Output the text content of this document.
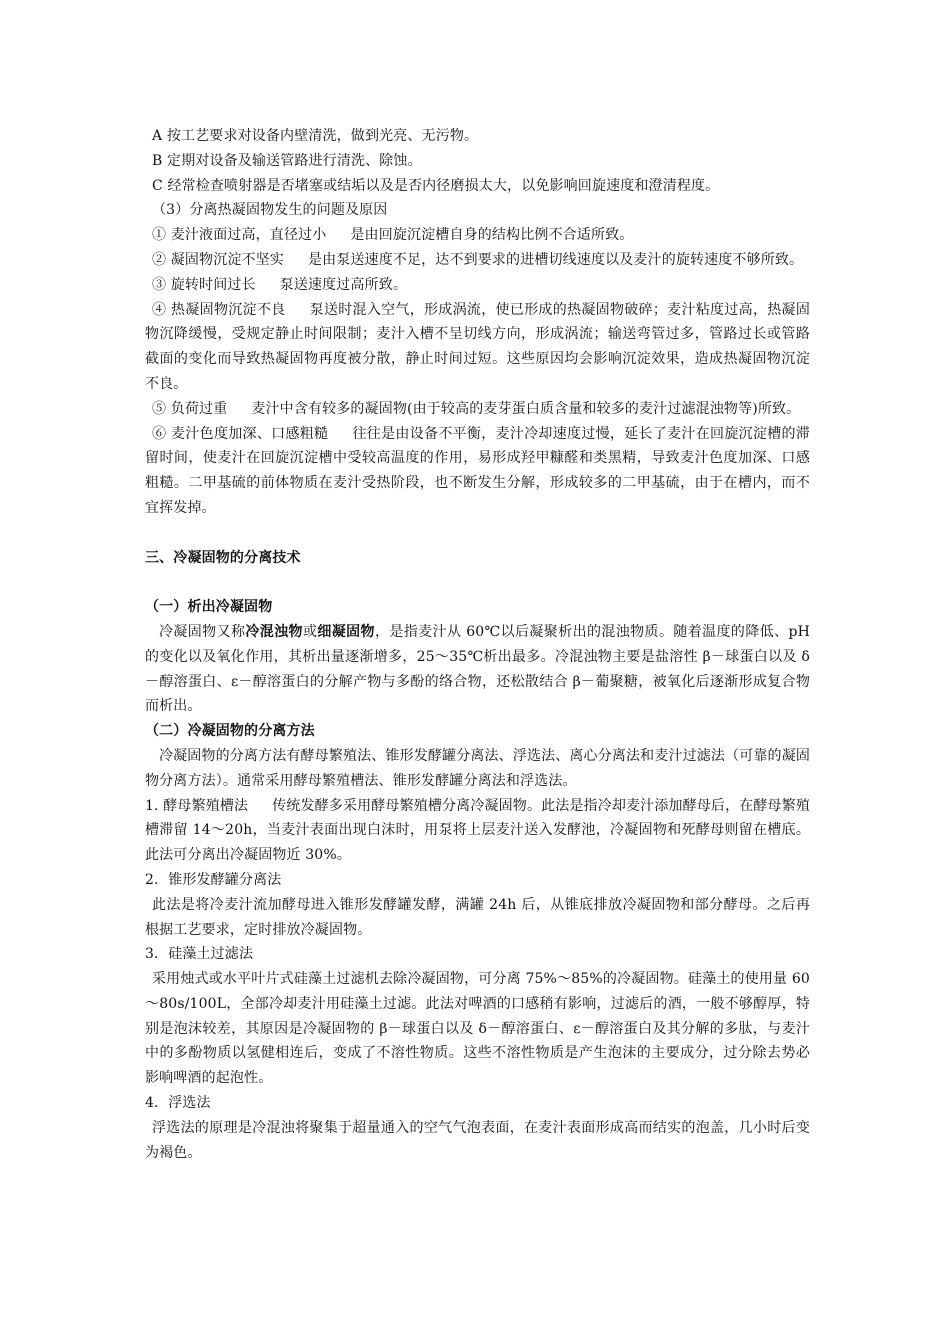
A 按工艺要求对设备内壁清洗，做到光亮、无污物。

B 定期对设备及输送管路进行清洗、除蚀。

C 经常检查喷射器是否堵塞或结垢以及是否内径磨损太大，以免影响回旋速度和澄清程度。

（3）分离热凝固物发生的问题及原因

① 麦汁液面过高，直径过小 是由回旋沉淀槽自身的结构比例不合适所致。

② 凝固物沉淀不坚实 是由泵送速度不足，达不到要求的进槽切线速度以及麦汁的旋转速度不够所致。

③ 旋转时间过长 泵送速度过高所致。

④ 热凝固物沉淀不良 泵送时混入空气，形成涡流，使已形成的热凝固物破碎；麦汁粘度过高，热凝固物沉降缓慢，受规定静止时间限制；麦汁入槽不呈切线方向，形成涡流；输送弯管过多，管路过长或管路截面的变化而导致热凝固物再度被分散，静止时间过短。这些原因均会影响沉淀效果，造成热凝固物沉淀不良。

⑤ 负荷过重 麦汁中含有较多的凝固物(由于较高的麦芽蛋白质含量和较多的麦汁过滤混浊物等)所致。

⑥ 麦汁色度加深、口感粗糙 往往是由设备不平衡，麦汁冷却速度过慢，延长了麦汁在回旋沉淀槽的滞留时间，使麦汁在回旋沉淀槽中受较高温度的作用，易形成羟甲糠醛和类黑精，导致麦汁色度加深、口感粗糙。二甲基硫的前体物质在麦汁受热阶段，也不断发生分解，形成较多的二甲基硫，由于在槽内，而不宜挥发掉。

三、冷凝固物的分离技术

（一）析出冷凝固物

冷凝固物又称冷混浊物或细凝固物，是指麦汁从 60℃以后凝聚析出的混浊物质。随着温度的降低、pH 的变化以及氧化作用，其析出量逐渐增多，25～35℃析出最多。冷混浊物主要是盐溶性 β－球蛋白以及 δ－醇溶蛋白、ε－醇溶蛋白的分解产物与多酚的络合物，还松散结合 β－葡聚糖，被氧化后逐渐形成复合物而析出。

（二）冷凝固物的分离方法

冷凝固物的分离方法有酵母繁殖法、锥形发酵罐分离法、浮选法、离心分离法和麦汁过滤法（可靠的凝固物分离方法）。通常采用酵母繁殖槽法、锥形发酵罐分离法和浮选法。

1. 酵母繁殖槽法 传统发酵多采用酵母繁殖槽分离冷凝固物。此法是指冷却麦汁添加酵母后，在酵母繁殖槽滞留 14～20h，当麦汁表面出现白沫时，用泵将上层麦汁送入发酵池，冷凝固物和死酵母则留在槽底。此法可分离出冷凝固物近 30%。

2．锥形发酵罐分离法

此法是将冷麦汁流加酵母进入锥形发酵罐发酵，满罐 24h 后，从锥底排放冷凝固物和部分酵母。之后再根据工艺要求，定时排放冷凝固物。

3．硅藻土过滤法

采用烛式或水平叶片式硅藻土过滤机去除冷凝固物，可分离 75%～85%的冷凝固物。硅藻土的使用量 60～80s/100L，全部冷却麦汁用硅藻土过滤。此法对啤酒的口感稍有影响，过滤后的酒，一般不够醇厚，特别是泡沫较差，其原因是冷凝固物的 β－球蛋白以及 δ－醇溶蛋白、ε－醇溶蛋白及其分解的多肽，与麦汁中的多酚物质以氢健相连后，变成了不溶性物质。这些不溶性物质是产生泡沫的主要成分，过分除去势必影响啤酒的起泡性。

4．浮选法

浮选法的原理是冷混浊将聚集于超量通入的空气气泡表面，在麦汁表面形成高而结实的泡盖，几小时后变为褐色。
